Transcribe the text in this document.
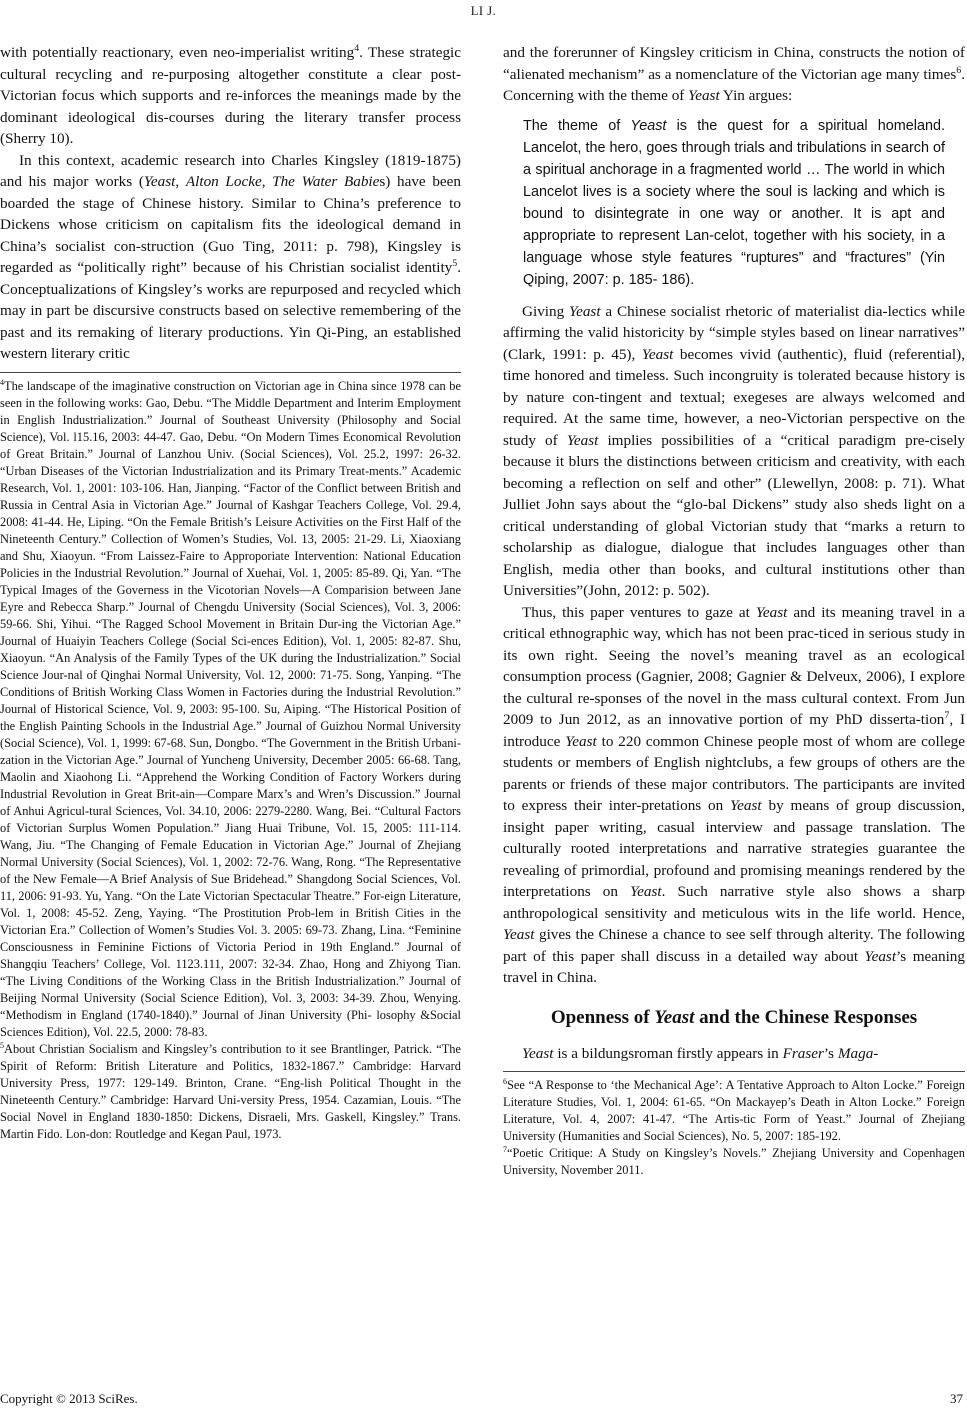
LI J.

with potentially reactionary, even neo-imperialist writing$^4$. These strategic cultural recycling and re-purposing altogether constitute a clear post-Victorian focus which supports and re-inforces the meanings made by the dominant ideological dis-courses during the literary transfer process (Sherry 10).

In this context, academic research into Charles Kingsley (1819-1875) and his major works (Yeast, Alton Locke, The Water Babies) have been boarded the stage of Chinese history. Similar to China’s preference to Dickens whose criticism on capitalism fits the ideological demand in China’s socialist con-struction (Guo Ting, 2011: p. 798), Kingsley is regarded as “politically right” because of his Christian socialist identity$^5$. Conceptualizations of Kingsley’s works are repurposed and recycled which may in part be discursive constructs based on selective remembering of the past and its remaking of literary productions. Yin Qi-Ping, an established western literary critic

$^4$The landscape of the imaginative construction on Victorian age in China since 1978 can be seen in the following works: Gao, Debu. “The Middle Department and Interim Employment in English Industrialization.” Journal of Southeast University (Philosophy and Social Science), Vol. l15.16, 2003: 44-47. Gao, Debu. “On Modern Times Economical Revolution of Great Britain.” Journal of Lanzhou Univ. (Social Sciences), Vol. 25.2, 1997: 26-32. “Urban Diseases of the Victorian Industrialization and its Primary Treat-ments.” Academic Research, Vol. 1, 2001: 103-106. Han, Jianping. “Factor of the Conflict between British and Russia in Central Asia in Victorian Age.” Journal of Kashgar Teachers College, Vol. 29.4, 2008: 41-44. He, Liping. “On the Female British’s Leisure Activities on the First Half of the Nineteenth Century.” Collection of Women’s Studies, Vol. 13, 2005: 21-29. Li, Xiaoxiang and Shu, Xiaoyun. “From Laissez-Faire to Approporiate Intervention: National Education Policies in the Industrial Revolution.” Journal of Xuehai, Vol. 1, 2005: 85-89. Qi, Yan. “The Typical Images of the Governess in the Vicotorian Novels—A Comparision between Jane Eyre and Rebecca Sharp.” Journal of Chengdu University (Social Sciences), Vol. 3, 2006: 59-66. Shi, Yihui. “The Ragged School Movement in Britain Dur-ing the Victorian Age.” Journal of Huaiyin Teachers College (Social Sci-ences Edition), Vol. 1, 2005: 82-87. Shu, Xiaoyun. “An Analysis of the Family Types of the UK during the Industrialization.” Social Science Jour-nal of Qinghai Normal University, Vol. 12, 2000: 71-75. Song, Yanping. “The Conditions of British Working Class Women in Factories during the Industrial Revolution.” Journal of Historical Science, Vol. 9, 2003: 95-100. Su, Aiping. “The Historical Position of the English Painting Schools in the Industrial Age.” Journal of Guizhou Normal University (Social Science), Vol. 1, 1999: 67-68. Sun, Dongbo. “The Government in the British Urbani-zation in the Victorian Age.” Journal of Yuncheng University, December 2005: 66-68. Tang, Maolin and Xiaohong Li. “Apprehend the Working Condition of Factory Workers during Industrial Revolution in Great Brit-ain—Compare Marx’s and Wren’s Discussion.” Journal of Anhui Agricul-tural Sciences, Vol. 34.10, 2006: 2279-2280. Wang, Bei. “Cultural Factors of Victorian Surplus Women Population.” Jiang Huai Tribune, Vol. 15, 2005: 111-114. Wang, Jiu. “The Changing of Female Education in Victorian Age.” Journal of Zhejiang Normal University (Social Sciences), Vol. 1, 2002: 72-76. Wang, Rong. “The Representative of the New Female—A Brief Analysis of Sue Bridehead.” Shangdong Social Sciences, Vol. 11, 2006: 91-93. Yu, Yang. “On the Late Victorian Spectacular Theatre.” For-eign Literature, Vol. 1, 2008: 45-52. Zeng, Yaying. “The Prostitution Prob-lem in British Cities in the Victorian Era.” Collection of Women’s Studies Vol. 3. 2005: 69-73. Zhang, Lina. “Feminine Consciousness in Feminine Fictions of Victoria Period in 19th England.” Journal of Shangqiu Teachers’ College, Vol. 1123.111, 2007: 32-34. Zhao, Hong and Zhiyong Tian. “The Living Conditions of the Working Class in the British Industrialization.” Journal of Beijing Normal University (Social Science Edition), Vol. 3, 2003: 34-39. Zhou, Wenying. “Methodism in England (1740-1840).” Journal of Jinan University (Phi- losophy &Social Sciences Edition), Vol. 22.5, 2000: 78-83.

$^5$About Christian Socialism and Kingsley’s contribution to it see Brantlinger, Patrick. “The Spirit of Reform: British Literature and Politics, 1832-1867.” Cambridge: Harvard University Press, 1977: 129-149. Brinton, Crane. “Eng-lish Political Thought in the Nineteenth Century.” Cambridge: Harvard Uni-versity Press, 1954. Cazamian, Louis. “The Social Novel in England 1830-1850: Dickens, Disraeli, Mrs. Gaskell, Kingsley.” Trans. Martin Fido. Lon-don: Routledge and Kegan Paul, 1973.

and the forerunner of Kingsley criticism in China, constructs the notion of “alienated mechanism” as a nomenclature of the Victorian age many times$^6$. Concerning with the theme of Yeast Yin argues:

The theme of Yeast is the quest for a spiritual homeland. Lancelot, the hero, goes through trials and tribulations in search of a spiritual anchorage in a fragmented world … The world in which Lancelot lives is a society where the soul is lacking and which is bound to disintegrate in one way or another. It is apt and appropriate to represent Lan-celot, together with his society, in a language whose style features “ruptures” and “fractures” (Yin Qiping, 2007: p. 185- 186).

Giving Yeast a Chinese socialist rhetoric of materialist dia-lectics while affirming the valid historicity by “simple styles based on linear narratives” (Clark, 1991: p. 45), Yeast becomes vivid (authentic), fluid (referential), time honored and timeless. Such incongruity is tolerated because history is by nature con-tingent and textual; exegeses are always welcomed and required. At the same time, however, a neo-Victorian perspective on the study of Yeast implies possibilities of a “critical paradigm pre-cisely because it blurs the distinctions between criticism and creativity, with each becoming a reflection on self and other” (Llewellyn, 2008: p. 71). What Julliet John says about the “glo-bal Dickens” study also sheds light on a critical understanding of global Victorian study that “marks a return to scholarship as dialogue, dialogue that includes languages other than English, media other than books, and cultural institutions other than Universities”(John, 2012: p. 502).

Thus, this paper ventures to gaze at Yeast and its meaning travel in a critical ethnographic way, which has not been prac-ticed in serious study in its own right. Seeing the novel’s meaning travel as an ecological consumption process (Gagnier, 2008; Gagnier & Delveux, 2006), I explore the cultural re-sponses of the novel in the mass cultural context. From Jun 2009 to Jun 2012, as an innovative portion of my PhD disserta-tion$^7$, I introduce Yeast to 220 common Chinese people most of whom are college students or members of English nightclubs, a few groups of others are the parents or friends of these major contributors. The participants are invited to express their inter-pretations on Yeast by means of group discussion, insight paper writing, casual interview and passage translation. The culturally rooted interpretations and narrative strategies guarantee the revealing of primordial, profound and promising meanings rendered by the interpretations on Yeast. Such narrative style also shows a sharp anthropological sensitivity and meticulous wits in the life world. Hence, Yeast gives the Chinese a chance to see self through alterity. The following part of this paper shall discuss in a detailed way about Yeast’s meaning travel in China.

Openness of Yeast and the Chinese Responses

Yeast is a bildungsroman firstly appears in Fraser’s Maga-

$^6$See “A Response to ‘the Mechanical Age’: A Tentative Approach to Alton Locke.” Foreign Literature Studies, Vol. 1, 2004: 61-65. “On Mackayep’s Death in Alton Locke.” Foreign Literature, Vol. 4, 2007: 41-47. “The Artis-tic Form of Yeast.” Journal of Zhejiang University (Humanities and Social Sciences), No. 5, 2007: 185-192.

$^7$“Poetic Critique: A Study on Kingsley’s Novels.” Zhejiang University and Copenhagen University, November 2011.

Copyright © 2013 SciRes.	37
